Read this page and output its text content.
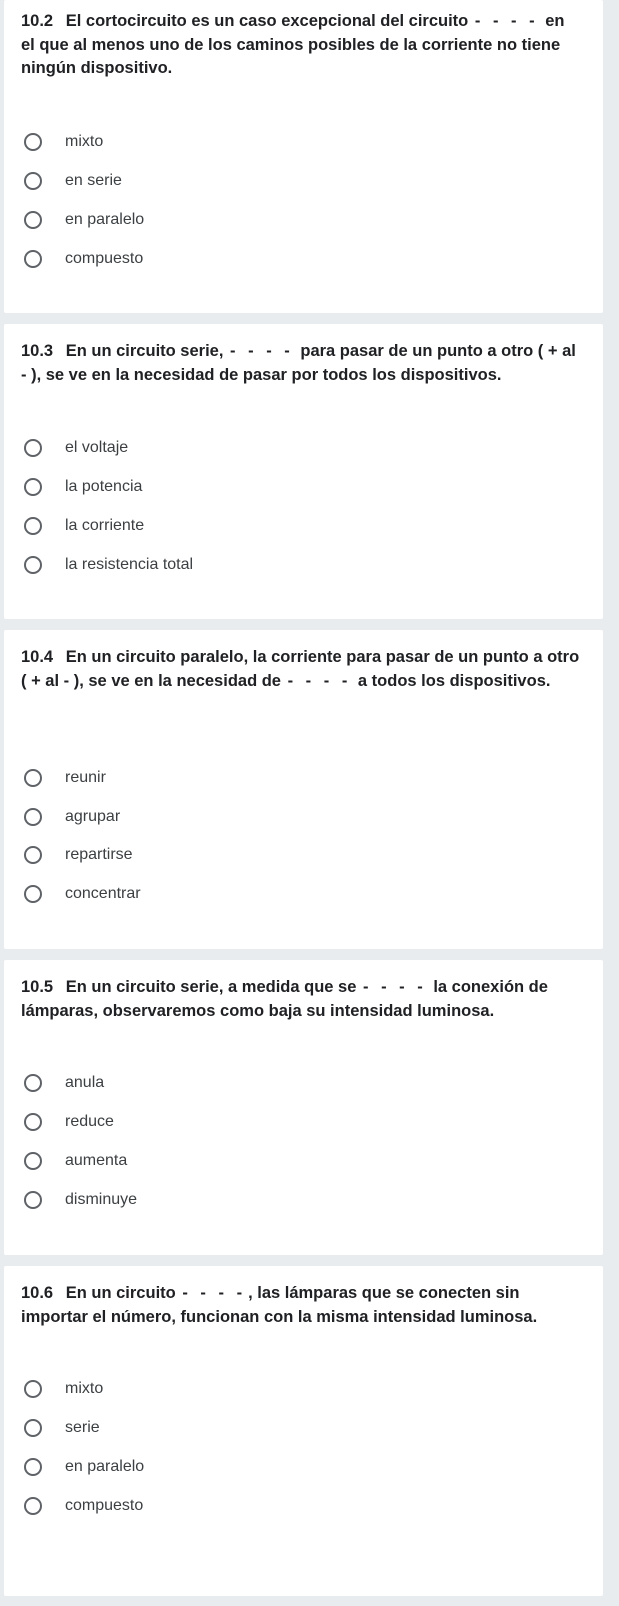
10.2 El cortocircuito es un caso excepcional del circuito - - - - en el que al menos uno de los caminos posibles de la corriente no tiene ningún dispositivo.

mixto
en serie
en paralelo
compuesto

10.3 En un circuito serie, - - - - para pasar de un punto a otro ( + al - ), se ve en la necesidad de pasar por todos los dispositivos.

el voltaje
la potencia
la corriente
la resistencia total

10.4 En un circuito paralelo, la corriente para pasar de un punto a otro ( + al - ), se ve en la necesidad de - - - - a todos los dispositivos.

reunir
agrupar
repartirse
concentrar

10.5 En un circuito serie, a medida que se - - - - la conexión de lámparas, observaremos como baja su intensidad luminosa.

anula
reduce
aumenta
disminuye

10.6 En un circuito - - - - , las lámparas que se conecten sin importar el número, funcionan con la misma intensidad luminosa.

mixto
serie
en paralelo
compuesto
